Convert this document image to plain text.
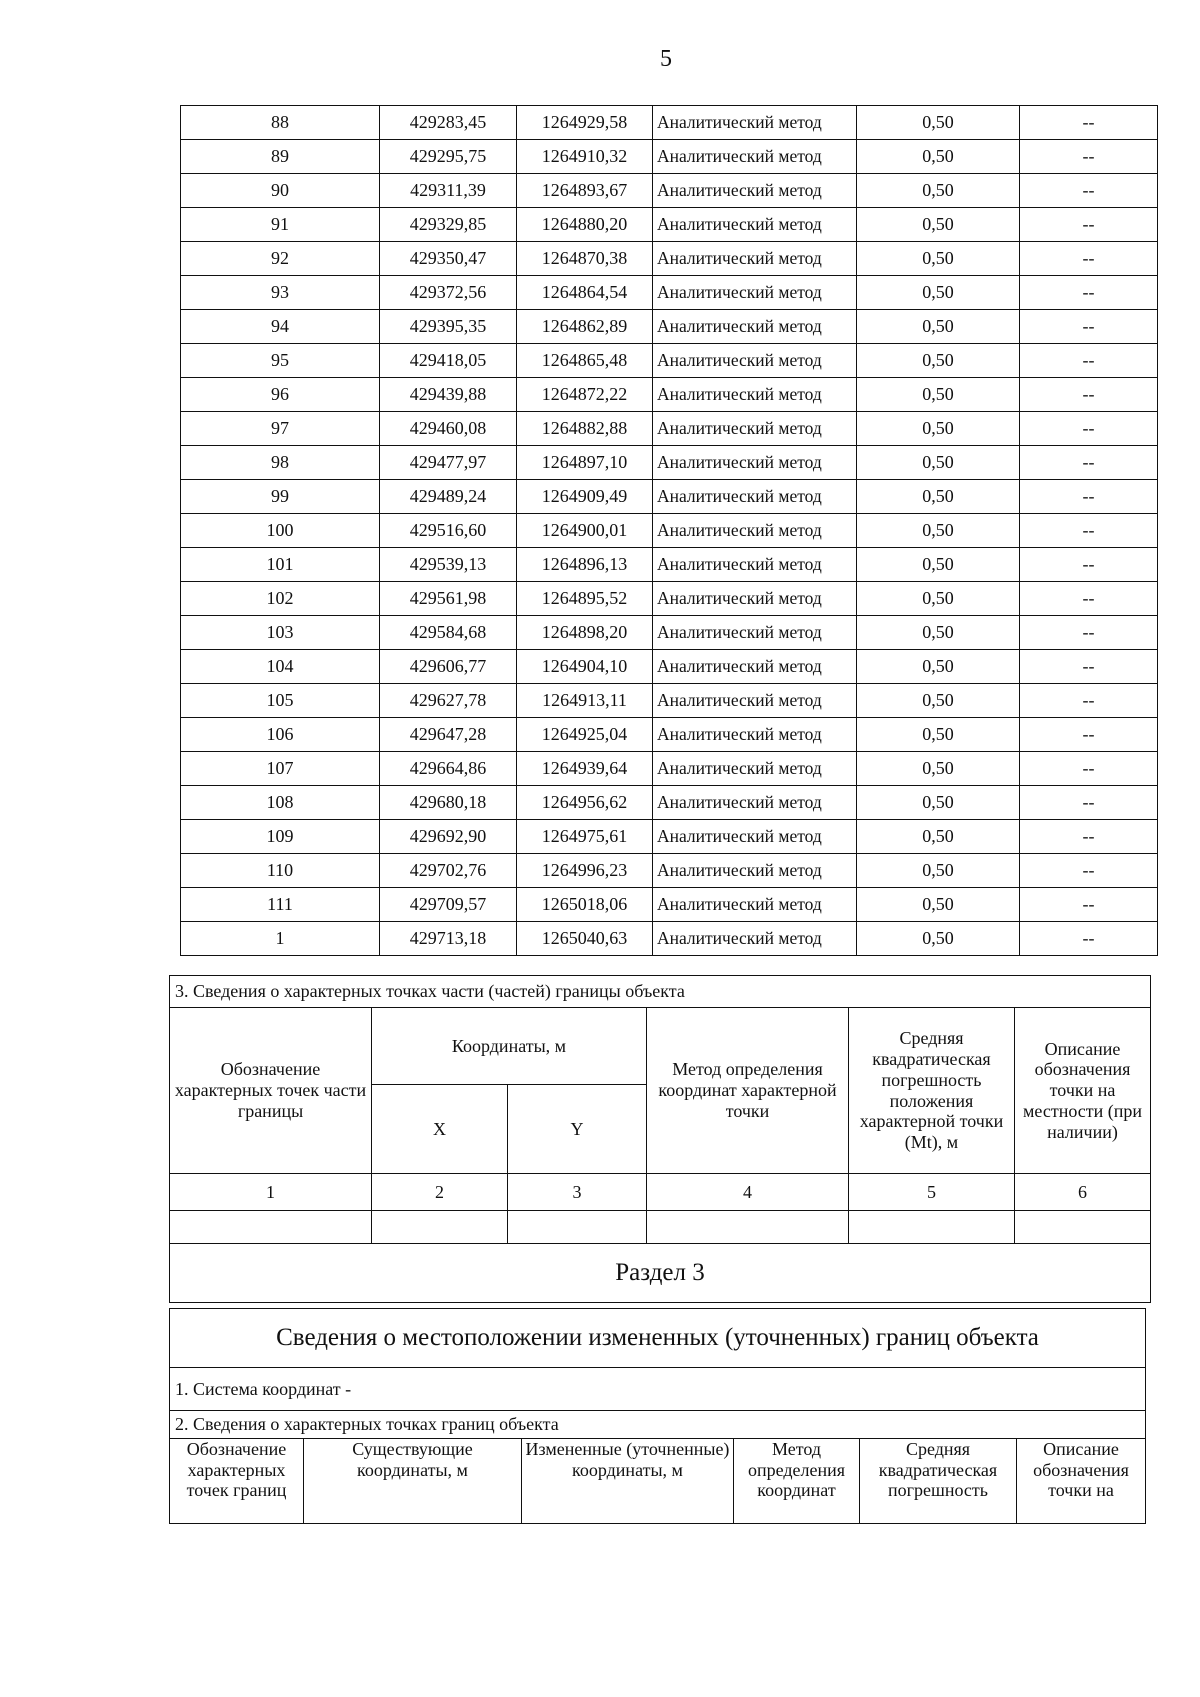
5
88	429283,45	1264929,58	Аналитический метод	0,50	--
89	429295,75	1264910,32	Аналитический метод	0,50	--
90	429311,39	1264893,67	Аналитический метод	0,50	--
91	429329,85	1264880,20	Аналитический метод	0,50	--
92	429350,47	1264870,38	Аналитический метод	0,50	--
93	429372,56	1264864,54	Аналитический метод	0,50	--
94	429395,35	1264862,89	Аналитический метод	0,50	--
95	429418,05	1264865,48	Аналитический метод	0,50	--
96	429439,88	1264872,22	Аналитический метод	0,50	--
97	429460,08	1264882,88	Аналитический метод	0,50	--
98	429477,97	1264897,10	Аналитический метод	0,50	--
99	429489,24	1264909,49	Аналитический метод	0,50	--
100	429516,60	1264900,01	Аналитический метод	0,50	--
101	429539,13	1264896,13	Аналитический метод	0,50	--
102	429561,98	1264895,52	Аналитический метод	0,50	--
103	429584,68	1264898,20	Аналитический метод	0,50	--
104	429606,77	1264904,10	Аналитический метод	0,50	--
105	429627,78	1264913,11	Аналитический метод	0,50	--
106	429647,28	1264925,04	Аналитический метод	0,50	--
107	429664,86	1264939,64	Аналитический метод	0,50	--
108	429680,18	1264956,62	Аналитический метод	0,50	--
109	429692,90	1264975,61	Аналитический метод	0,50	--
110	429702,76	1264996,23	Аналитический метод	0,50	--
111	429709,57	1265018,06	Аналитический метод	0,50	--
1	429713,18	1265040,63	Аналитический метод	0,50	--
3. Сведения о характерных точках части (частей) границы объекта					
Обозначение характерных точек части границы	Координаты, м		Метод определения координат характерной точки	Средняя квадратическая погрешность положения характерной точки (Mt), м	Описание обозначения точки на местности (при наличии)
	X	Y			
1	2	3	4	5	6

Раздел 3					
Сведения о местоположении измененных (уточненных) границ объекта
1. Система координат -
2. Сведения о характерных точках границ объекта
Обозначение характерных точек границ	Существующие координаты, м	Измененные (уточненные) координаты, м	Метод определения координат	Средняя квадратическая погрешность	Описание обозначения точки на
